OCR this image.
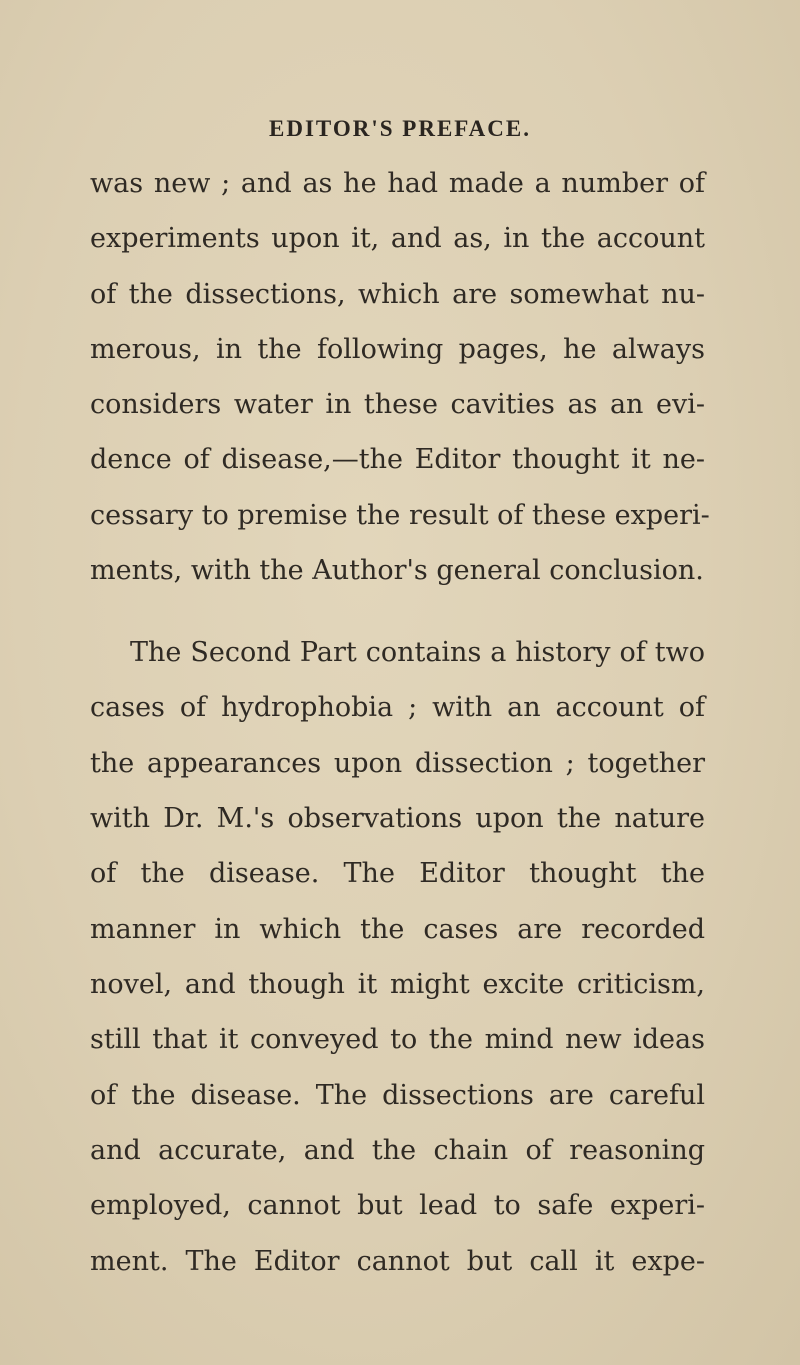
EDITOR'S PREFACE.
was new ; and as he had made a number of
experiments upon it, and as, in the account
of the dissections, which are somewhat nu-
merous, in the following pages, he always
considers water in these cavities as an evi-
dence of disease,—the Editor thought it ne-
cessary to premise the result of these experi-
ments, with the Author's general conclusion.
The Second Part contains a history of two
cases of hydrophobia ; with an account of
the appearances upon dissection ; together
with Dr. M.'s observations upon the nature
of the disease. The Editor thought the
manner in which the cases are recorded
novel, and though it might excite criticism,
still that it conveyed to the mind new ideas
of the disease. The dissections are careful
and accurate, and the chain of reasoning
employed, cannot but lead to safe experi-
ment. The Editor cannot but call it expe-
